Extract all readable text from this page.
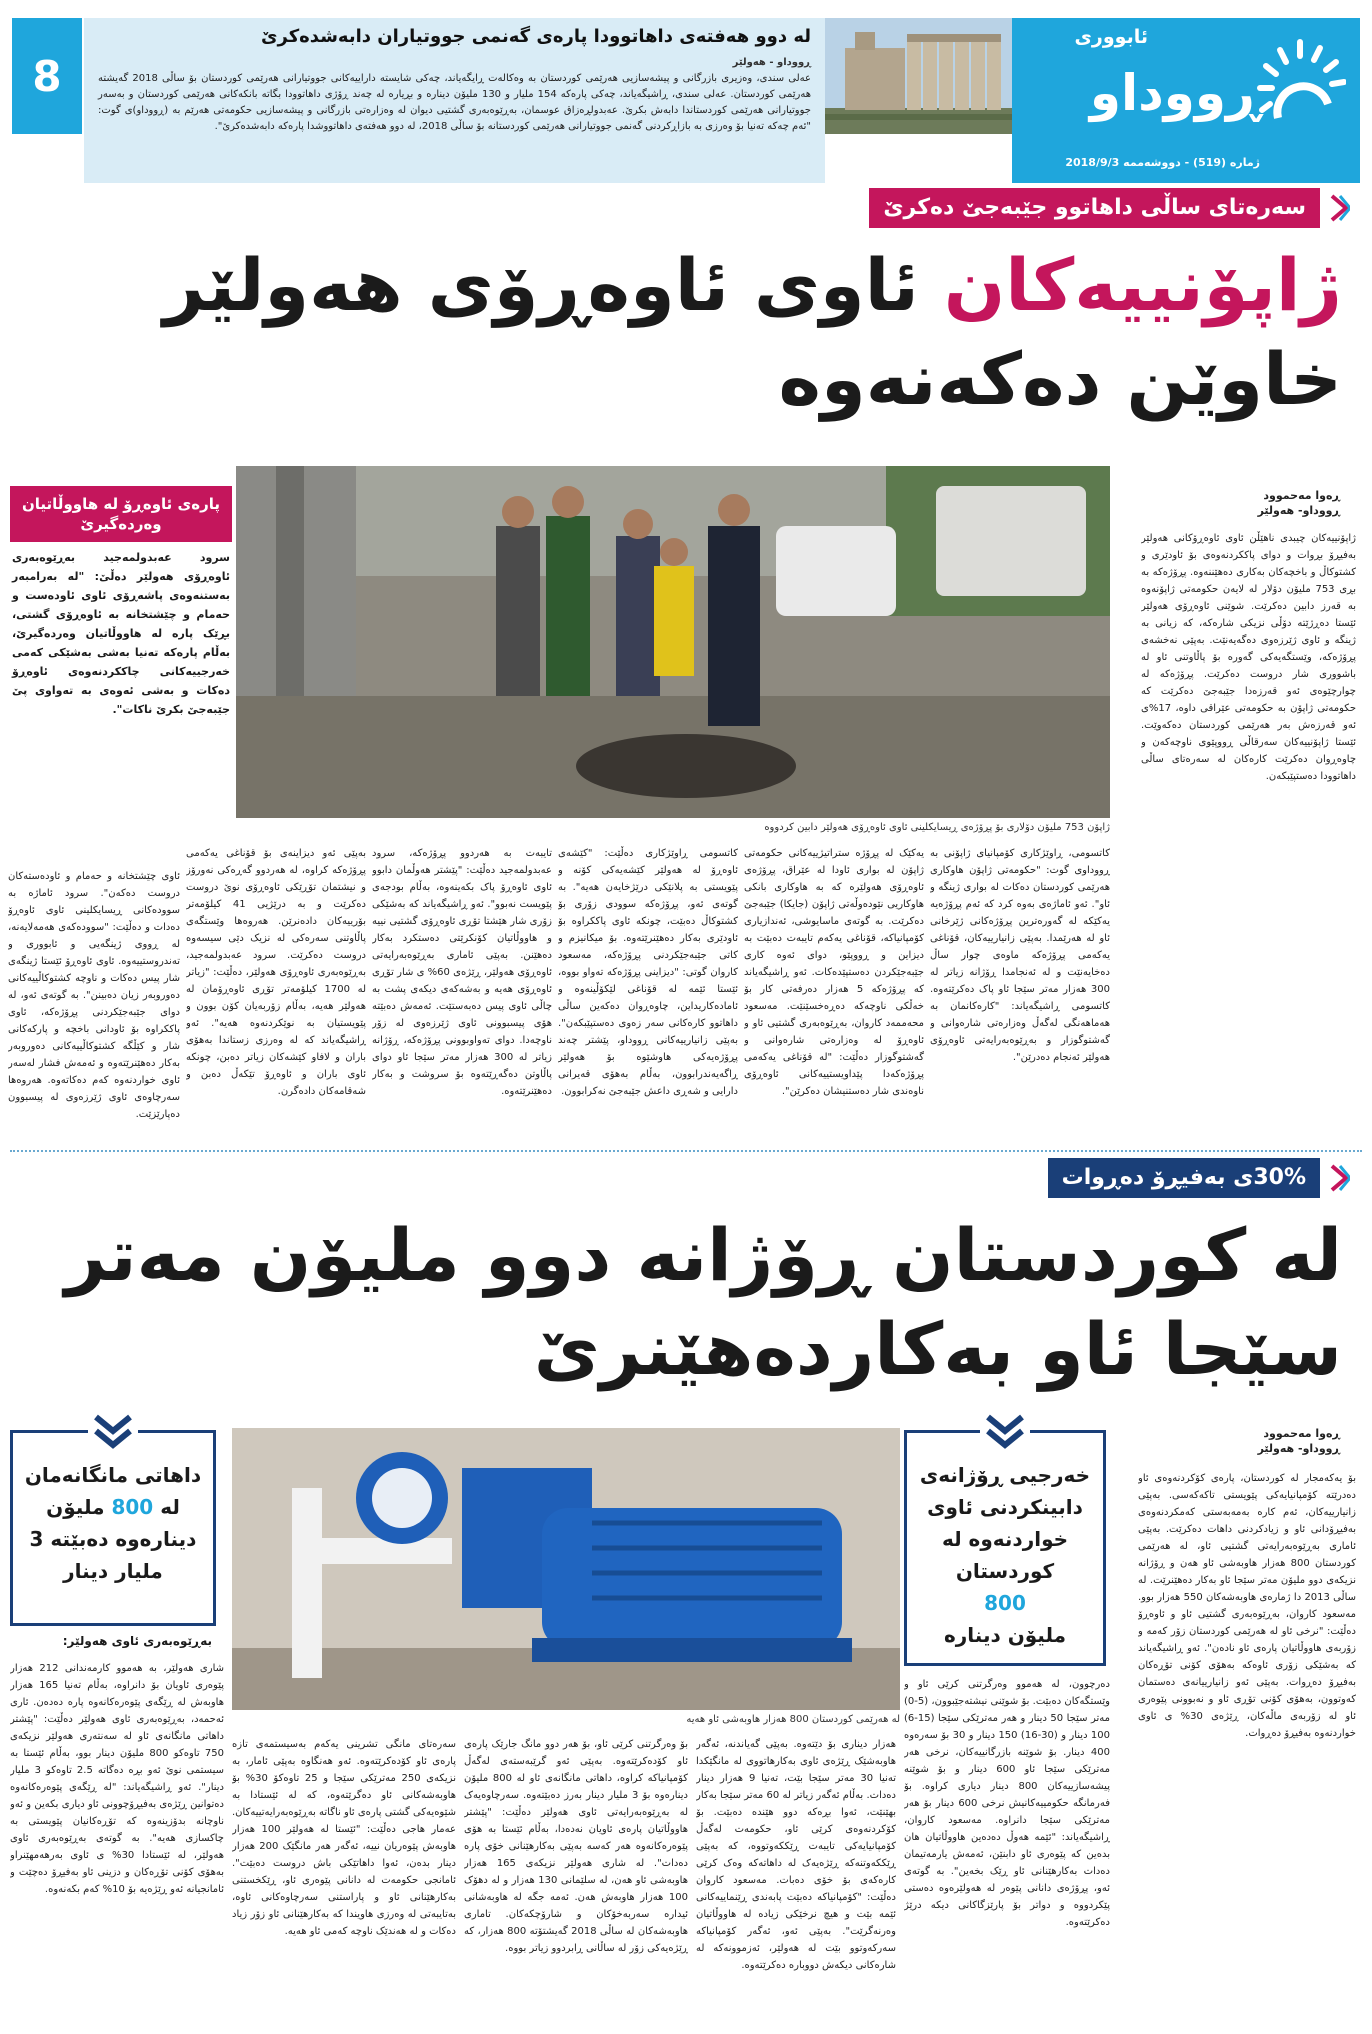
8
لە دوو هەفتەی داهاتوودا پارەی گەنمی جووتیاران دابەشدەکرێ
ڕووداو - هەولێر
عەلی سندی، وەزیری بازرگانی و پیشەسازیی هەرێمی کوردستان بە وەکالەت ڕایگەیاند، چەکی شایستە داراییەکانی جووتیارانی هەرێمی کوردستان بۆ ساڵی 2018 گەیشتە هەرێمی کوردستان. عەلی سندی، ڕاشیگەیاند، چەکی پارەکە 154 ملیار و 130 ملیۆن دینارە و بڕیارە لە چەند ڕۆژی داهاتوودا بگاتە بانکەکانی هەرێمی کوردستان و بەسەر جووتیارانی هەرێمی کوردستاندا دابەش بکرێ. عەبدولڕەزاق عوسمان، بەڕێوەبەری گشتیی دیوان لە وەزارەتی بازرگانی و پیشەسازیی حکومەتی هەرێم بە (ڕووداو)ی گوت: "ئەم چەکە تەنیا بۆ وەرزی بە بازاڕکردنی گەنمی جووتیارانی هەرێمی کوردستانە بۆ ساڵی 2018، لە دوو هەفتەی داهاتووشدا پارەکە دابەشدەکرێ".
ئابووری
ڕووداو
ژمارە (519) - دووشەممە 2018/9/3
سەرەتای ساڵی داهاتوو جێبەجێ دەکرێ
ژاپۆنییەکان ئاوی ئاوەڕۆی هەولێر
خاوێن دەکەنەوە
ڕەوا مەحموود
ڕووداو- هەولێر
ژاپۆن 753 ملیۆن دۆلاری بۆ پڕۆژەی ڕیسایکلینی ئاوی ئاوەڕۆی هەولێر دابین کردووە
پارەی ئاوەڕۆ لە هاووڵاتیان وەردەگیرێ
سرود عەبدولمەجید بەڕێوەبەری ئاوەڕۆی هەولێر دەڵێ: "لە بەرامبەر بەستنەوەی پاشەڕۆی ئاوی ئاودەست و حەمام و چێشتخانە بە ئاوەڕۆی گشتی، بڕێک پارە لە هاووڵاتیان وەردەگیرێ، بەڵام پارەکە تەنیا بەشی بەشێکی کەمی خەرجییەکانی چاککردنەوەی ئاوەڕۆ دەکات و بەشی ئەوەی بە تەواوی پێ جێبەجێ بکرێ ناکات".
ژاپۆنییەکان چیبدی ناهێڵن ئاوی ئاوەڕۆکانی هەولێر بەفیڕۆ بڕوات و دوای پاککردنەوەی بۆ ئاودێری و کشتوکاڵ و باخچەکان بەکاری دەهێننەوە. پڕۆژەکە بە بڕی 753 ملیۆن دۆلار لە لایەن حکومەتی ژاپۆنەوە بە قەرز دابین دەکرێت. شوێنی ئاوەڕۆی هەولێر ئێستا دەڕژێتە دۆڵی نزیکی شارەکە، کە زیانی بە ژینگە و ئاوی ژێرزەوی دەگەیەنێت. بەپێی نەخشەی پڕۆژەکە، وێستگەیەکی گەورە بۆ پاڵاوتنی ئاو لە باشووری شار دروست دەکرێت. پڕۆژەکە لە چوارچێوەی ئەو قەرزەدا جێبەجێ دەکرێت کە حکومەتی ژاپۆن بە حکومەتی عێراقی داوە، 17%ی ئەو قەرزەش بەر هەرێمی کوردستان دەکەوێت. ئێستا ژاپۆنییەکان سەرقاڵی ڕووپێوی ناوچەکەن و چاوەڕوان دەکرێت کارەکان لە سەرەتای ساڵی داهاتوودا دەستپێبکەن.
کاتسومی، ڕاوێژکاری کۆمپانیای ژاپۆنی بە ڕووداوی گوت: "حکومەتی ژاپۆن هاوکاری هەرێمی کوردستان دەکات لە بواری ژینگە و ئاو". ئەو ئاماژەی بەوە کرد کە ئەم پڕۆژەیە یەکێکە لە گەورەترین پڕۆژەکانی ژێرخانی ئاو لە هەرێمدا. بەپێی زانیارییەکان، قۆناغی یەکەمی پڕۆژەکە ماوەی چوار ساڵ دەخایەنێت و لە ئەنجامدا ڕۆژانە زیاتر لە 300 هەزار مەتر سێجا ئاو پاک دەکرێتەوە. کاتسومی ڕاشیگەیاند: "کارەکانمان بە هەماهەنگی لەگەڵ وەزارەتی شارەوانی و گەشتوگوزار و بەڕێوەبەرایەتی ئاوەڕۆی هەولێر ئەنجام دەدرێن".
یەکێک لە پڕۆژە ستراتیژییەکانی حکومەتی ژاپۆن لە بواری ئاودا لە عێراق، پڕۆژەی ئاوەڕۆی هەولێرە کە بە هاوکاری بانکی هاوکاریی نێودەوڵەتی ژاپۆن (جایکا) جێبەجێ دەکرێت. بە گوتەی ماسایوشی، ئەندازیاری کۆمپانیاکە، قۆناغی یەکەم تایبەت دەبێت بە دیزاین و ڕووپێو، دوای ئەوە کاری جێبەجێکردن دەستپێدەکات. ئەو ڕاشیگەیاند کە پڕۆژەکە 5 هەزار دەرفەتی کار بۆ خەڵکی ناوچەکە دەڕەخسێنێت. مەسعود محەممەد کاروان، بەڕێوەبەری گشتیی ئاو و ئاوەڕۆ لە وەزارەتی شارەوانی و گەشتوگوزار دەڵێت: "لە قۆناغی یەکەمی پڕۆژەکەدا پێداویستییەکانی ئاوەڕۆی ناوەندی شار دەستنیشان دەکرێن".
کاتسومی ڕاوێژکاری دەڵێت: "کێشەی ئاوەڕۆ لە هەولێر کێشەیەکی کۆنە و پێویستی بە پلانێکی درێژخایەن هەیە". بە گوتەی ئەو، پڕۆژەکە سوودی زۆری بۆ کشتوکاڵ دەبێت، چونکە ئاوی پاککراوە بۆ ئاودێری بەکار دەهێنرێتەوە. بۆ میکانیزم و کاتی جێبەجێکردنی پڕۆژەکە، مەسعود کاروان گوتی: "دیزاینی پڕۆژەکە تەواو بووە، ئێستا ئێمە لە قۆناغی لێکۆڵینەوە و ئامادەکاریداین، چاوەڕوان دەکەین ساڵی داهاتوو کارەکانی سەر زەوی دەستپێبکەن". بەپێی زانیارییەکانی ڕووداو، پێشتر چەند پڕۆژەیەکی هاوشێوە بۆ هەولێر ڕاگەیەندرابوون، بەڵام بەهۆی قەیرانی دارایی و شەڕی داعش جێبەجێ نەکرابوون.
تایبەت بە هەردوو پڕۆژەکە، سرود عەبدولمەجید دەڵێت: "پێشتر هەوڵمان دابوو ئاوی ئاوەڕۆ پاک بکەینەوە، بەڵام بودجەی پێویست نەبوو". ئەو ڕاشیگەیاند کە بەشێکی زۆری شار هێشتا تۆڕی ئاوەڕۆی گشتیی نییە و هاووڵاتیان کۆنکرێتی دەستکرد بەکار دەهێنن. بەپێی ئاماری بەڕێوەبەرایەتی ئاوەڕۆی هەولێر، ڕێژەی 60% ی شار تۆڕی ئاوەڕۆی هەیە و بەشەکەی دیکەی پشت بە چاڵی ئاوی پیس دەبەستێت. ئەمەش دەبێتە هۆی پیسبوونی ئاوی ژێرزەوی لە زۆر ناوچەدا. دوای تەواوبوونی پڕۆژەکە، ڕۆژانە زیاتر لە 300 هەزار مەتر سێجا ئاو دوای پاڵاوتن دەگەڕێتەوە بۆ سروشت و بەکار دەهێنرێتەوە.
بەپێی ئەو دیزاینەی بۆ قۆناغی یەکەمی پڕۆژەکە کراوە، لە هەردوو گەڕەکی نەورۆز و نیشتمان تۆڕێکی ئاوەڕۆی نوێ دروست دەکرێت و بە درێژیی 41 کیلۆمەتر بۆرییەکان دادەنرێن. هەروەها وێستگەی پاڵاوتنی سەرەکی لە نزیک دێی سیسەوە دروست دەکرێت. سرود عەبدولمەجید، بەڕێوەبەری ئاوەڕۆی هەولێر، دەڵێت: "زیاتر لە 1700 کیلۆمەتر تۆڕی ئاوەڕۆمان لە هەولێر هەیە، بەڵام زۆربەیان کۆن بوون و پێویستیان بە نوێکردنەوە هەیە". ئەو ڕاشیگەیاند کە لە وەرزی زستاندا بەهۆی باران و لافاو کێشەکان زیاتر دەبن، چونکە ئاوی باران و ئاوەڕۆ تێکەڵ دەبن و شەقامەکان دادەگرن.
ئاوی چێشتخانە و حەمام و ئاودەستەکان دروست دەکەن". سرود ئاماژە بە سوودەکانی ڕیسایکلینی ئاوی ئاوەڕۆ دەدات و دەڵێت: "سوودەکەی هەمەلایەنە، لە ڕووی ژینگەیی و ئابووری و تەندروستییەوە. ئاوی ئاوەڕۆ ئێستا ژینگەی شار پیس دەکات و ناوچە کشتوکاڵییەکانی دەوروبەر زیان دەبینن". بە گوتەی ئەو، لە دوای جێبەجێکردنی پڕۆژەکە، ئاوی پاککراوە بۆ ئاودانی باخچە و پارکەکانی شار و کێڵگە کشتوکاڵییەکانی دەوروبەر بەکار دەهێنرێتەوە و ئەمەش فشار لەسەر ئاوی خواردنەوە کەم دەکاتەوە. هەروەها سەرچاوەی ئاوی ژێرزەوی لە پیسبوون دەپارێزێت.
30%ی بەفیڕۆ دەڕوات
لە کوردستان ڕۆژانە دوو ملیۆن مەتر
سێجا ئاو بەکاردەهێنرێ
ڕەوا مەحموود
ڕووداو- هەولێر
لە هەرێمی کوردستان 800 هەزار هاوبەشی ئاو هەیە
خەرجیی ڕۆژانەی
دابینکردنی ئاوی
خواردنەوە لە
کوردستان
800
ملیۆن دینارە
داهاتی مانگانەمان
لە 800 ملیۆن
دینارەوە دەبێتە 3
ملیار دینار
بەڕێوەبەری ئاوی هەولێر:
بۆ یەکەمجار لە کوردستان، پارەی کۆکردنەوەی ئاو دەدرێتە کۆمپانیایەکی پێویستی تاکەکەسی. بەپێی زانیارییەکان، ئەم کارە بەمەبەستی کەمکردنەوەی بەفیڕۆدانی ئاو و زیادکردنی داهات دەکرێت. بەپێی ئاماری بەڕێوەبەرایەتی گشتیی ئاو، لە هەرێمی کوردستان 800 هەزار هاوبەشی ئاو هەن و ڕۆژانە نزیکەی دوو ملیۆن مەتر سێجا ئاو بەکار دەهێنرێت. لە ساڵی 2013 دا ژمارەی هاوبەشەکان 550 هەزار بوو. مەسعود کاروان، بەڕێوەبەری گشتیی ئاو و ئاوەڕۆ دەڵێت: "نرخی ئاو لە هەرێمی کوردستان زۆر کەمە و زۆربەی هاووڵاتیان پارەی ئاو نادەن". ئەو ڕاشیگەیاند کە بەشێکی زۆری ئاوەکە بەهۆی کۆنی تۆڕەکان بەفیڕۆ دەڕوات. بەپێی ئەو زانیارییانەی دەستمان کەوتوون، بەهۆی کۆنی تۆڕی ئاو و نەبوونی پێوەری ئاو لە زۆربەی ماڵەکان، ڕێژەی 30% ی ئاوی خواردنەوە بەفیڕۆ دەڕوات.
دەرچوون، لە هەموو وەرگرتنی کرێی ئاو و وێستگەکان دەبێت. بۆ شوێنی نیشتەجێبوون، (5-0) مەتر سێجا 50 دینار و هەر مەترێکی سێجا (15-6) 100 دینار و (30-16) 150 دینار و 30 بۆ سەرەوە 400 دینار. بۆ شوێنە بازرگانییەکان، نرخی هەر مەترێکی سێجا ئاو 600 دینار و بۆ شوێنە پیشەسازییەکان 800 دینار دیاری کراوە. بۆ فەرمانگە حکومییەکانیش نرخی 600 دینار بۆ هەر مەترێکی سێجا دانراوە. مەسعود کاروان، ڕاشیگەیاند: "ئێمە هەوڵ دەدەین هاووڵاتیان هان بدەین کە پێوەری ئاو دابنێن، ئەمەش یارمەتیمان دەدات بەکارهێنانی ئاو ڕێک بخەین". بە گوتەی ئەو، پڕۆژەی دانانی پێوەر لە هەولێرەوە دەستی پێکردووە و دواتر بۆ پارێزگاکانی دیکە درێژ دەکرێتەوە.
هەزار دیناری بۆ دێتەوە. بەپێی گەیاندنە، ئەگەر هاوبەشێک ڕێژەی ئاوی بەکارهاتووی لە مانگێکدا تەنیا 30 مەتر سێجا بێت، تەنیا 9 هەزار دینار دەدات. بەڵام ئەگەر زیاتر لە 60 مەتر سێجا بەکار بهێنێت، ئەوا بڕەکە دوو هێندە دەبێت. بۆ کۆکردنەوەی کرێی ئاو، حکومەت لەگەڵ کۆمپانیایەکی تایبەت ڕێککەوتووە، کە بەپێی ڕێککەوتنەکە ڕێژەیەک لە داهاتەکە وەک کرێی کارەکەی بۆ خۆی دەبات. مەسعود کاروان دەڵێت: "کۆمپانیاکە دەبێت پابەندی ڕێنماییەکانی ئێمە بێت و هیچ نرخێکی زیادە لە هاووڵاتیان وەرنەگرێت". بەپێی ئەو، ئەگەر کۆمپانیاکە سەرکەوتوو بێت لە هەولێر، ئەزموونەکە لە شارەکانی دیکەش دووبارە دەکرێتەوە.
بۆ وەرگرتنی کرێی ئاو، بۆ هەر دوو مانگ جارێک پارەی ئاو کۆدەکرێتەوە. بەپێی ئەو گرێبەستەی لەگەڵ کۆمپانیاکە کراوە، داهاتی مانگانەی ئاو لە 800 ملیۆن دینارەوە بۆ 3 ملیار دینار بەرز دەبێتەوە. سەرچاوەیەک لە بەڕێوەبەرایەتی ئاوی هەولێر دەڵێت: "پێشتر هاووڵاتیان پارەی ئاویان نەدەدا، بەڵام ئێستا بە هۆی پێوەرەکانەوە هەر کەسە بەپێی بەکارهێنانی خۆی پارە دەدات". لە شاری هەولێر نزیکەی 165 هەزار هاوبەشی ئاو هەن، لە سلێمانی 130 هەزار و لە دهۆک 100 هەزار هاوبەش هەن. ئەمە جگە لە هاوبەشانی ئیدارە سەربەخۆکان و شارۆچکەکان. تاماری هاوبەشەکان لە ساڵی 2018 گەیشتۆتە 800 هەزار، کە ڕێژەیەکی زۆر لە ساڵانی ڕابردوو زیاتر بووە.
سەرەتای مانگی تشرینی یەکەم بەسیستمەی تازە پارەی ئاو کۆدەکرێتەوە. ئەو هەنگاوە بەپێی ئامار، بە نزیکەی 250 مەترێکی سێجا و 25 تاوەکۆ 30% بۆ هاوبەشەکانی ئاو دەگرێتەوە، کە لە ئێستادا بە شێوەیەکی گشتی پارەی ئاو ناگاتە بەڕێوەبەرایەتییەکان. عەمار هاجی دەڵێت: "ئێستا لە هەولێر 100 هەزار هاوبەش پێوەریان نییە، ئەگەر هەر مانگێک 200 هەزار دینار بدەن، ئەوا داهاتێکی باش دروست دەبێت". ئامانجی حکومەت لە دانانی پێوەری ئاو، ڕێکخستنی بەکارهێنانی ئاو و پاراستنی سەرچاوەکانی ئاوە، بەتایبەتی لە وەرزی هاویندا کە بەکارهێنانی ئاو زۆر زیاد دەکات و لە هەندێک ناوچە کەمی ئاو هەیە.
شاری هەولێر، بە هەموو کارمەندانی 212 هەزار پێوەری ئاویان بۆ دانراوە، بەڵام تەنیا 165 هەزار هاوبەش لە ڕێگەی پێوەرەکانەوە پارە دەدەن. ئاری ئەحمەد، بەڕێوەبەری ئاوی هەولێر دەڵێت: "پێشتر داهاتی مانگانەی ئاو لە سەنتەری هەولێر نزیکەی 750 تاوەکو 800 ملیۆن دینار بوو، بەڵام ئێستا بە سیستمی نوێ ئەو بڕە دەگاتە 2.5 تاوەکو 3 ملیار دینار". ئەو ڕاشیگەیاند: "لە ڕێگەی پێوەرەکانەوە دەتوانین ڕێژەی بەفیڕۆچوونی ئاو دیاری بکەین و ئەو ناوچانە بدۆزینەوە کە تۆڕەکانیان پێویستی بە چاکسازی هەیە". بە گوتەی بەڕێوەبەری ئاوی هەولێر، لە ئێستادا 30% ی ئاوی بەرهەمهێنراو بەهۆی کۆنی تۆڕەکان و دزینی ئاو بەفیڕۆ دەچێت و ئامانجیانە ئەو ڕێژەیە بۆ 10% کەم بکەنەوە.
